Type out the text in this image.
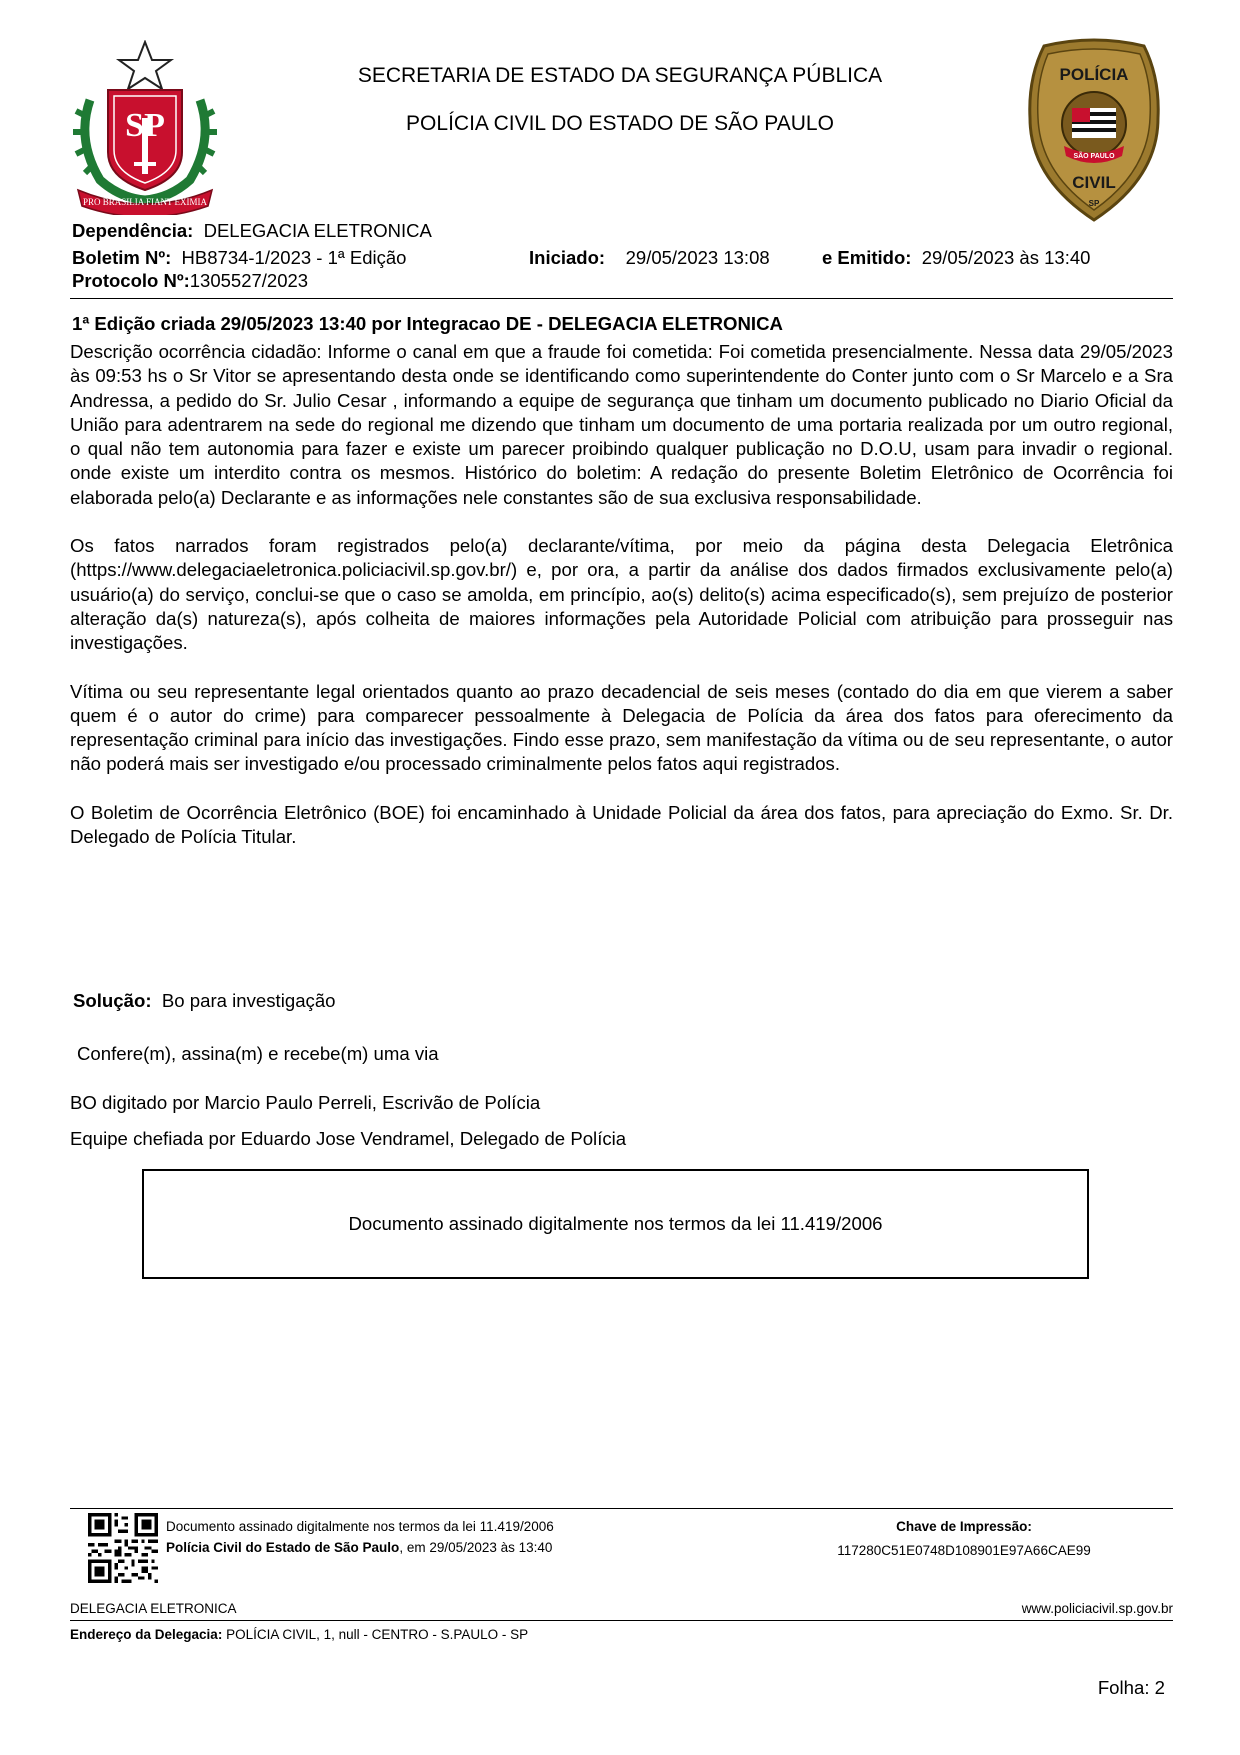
SP
PRO BRASILIA FIANT EXIMIA
SECRETARIA DE ESTADO DA SEGURANÇA PÚBLICA
POLÍCIA CIVIL DO ESTADO DE SÃO PAULO
POLÍCIA
SÃO PAULO
CIVIL
SP
Dependência: DELEGACIA ELETRONICA
Boletim Nº: HB8734-1/2023 - 1ª Edição	Iniciado: 29/05/2023 13:08	e Emitido: 29/05/2023 às 13:40
Protocolo Nº:1305527/2023
1ª Edição criada 29/05/2023 13:40 por Integracao DE - DELEGACIA ELETRONICA

Descrição ocorrência cidadão: Informe o canal em que a fraude foi cometida: Foi cometida presencialmente. Nessa data 29/05/2023 às 09:53 hs o Sr Vitor se apresentando desta onde se identificando como superintendente do Conter junto com o Sr Marcelo e a Sra Andressa, a pedido do Sr. Julio Cesar , informando a equipe de segurança que tinham um documento publicado no Diario Oficial da União para adentrarem na sede do regional me dizendo que tinham um documento de uma portaria realizada por um outro regional, o qual não tem autonomia para fazer e existe um parecer proibindo qualquer publicação no D.O.U, usam para invadir o regional. onde existe um interdito contra os mesmos. Histórico do boletim: A redação do presente Boletim Eletrônico de Ocorrência foi elaborada pelo(a) Declarante e as informações nele constantes são de sua exclusiva responsabilidade.

Os fatos narrados foram registrados pelo(a) declarante/vítima, por meio da página desta Delegacia Eletrônica (https://www.delegaciaeletronica.policiacivil.sp.gov.br/) e, por ora, a partir da análise dos dados firmados exclusivamente pelo(a) usuário(a) do serviço, conclui-se que o caso se amolda, em princípio, ao(s) delito(s) acima especificado(s), sem prejuízo de posterior alteração da(s) natureza(s), após colheita de maiores informações pela Autoridade Policial com atribuição para prosseguir nas investigações.

Vítima ou seu representante legal orientados quanto ao prazo decadencial de seis meses (contado do dia em que vierem a saber quem é o autor do crime) para comparecer pessoalmente à Delegacia de Polícia da área dos fatos para oferecimento da representação criminal para início das investigações. Findo esse prazo, sem manifestação da vítima ou de seu representante, o autor não poderá mais ser investigado e/ou processado criminalmente pelos fatos aqui registrados.

O Boletim de Ocorrência Eletrônico (BOE) foi encaminhado à Unidade Policial da área dos fatos, para apreciação do Exmo. Sr. Dr. Delegado de Polícia Titular.

Solução: Bo para investigação
Confere(m), assina(m) e recebe(m) uma via
BO digitado por Marcio Paulo Perreli, Escrivão de Polícia
Equipe chefiada por Eduardo Jose Vendramel, Delegado de Polícia
Documento assinado digitalmente nos termos da lei 11.419/2006
Documento assinado digitalmente nos termos da lei 11.419/2006
Polícia Civil do Estado de São Paulo, em 29/05/2023 às 13:40
Chave de Impressão:
117280C51E0748D108901E97A66CAE99
DELEGACIA ELETRONICA	www.policiacivil.sp.gov.br
Endereço da Delegacia: POLÍCIA CIVIL, 1, null - CENTRO - S.PAULO - SP
Folha: 2
